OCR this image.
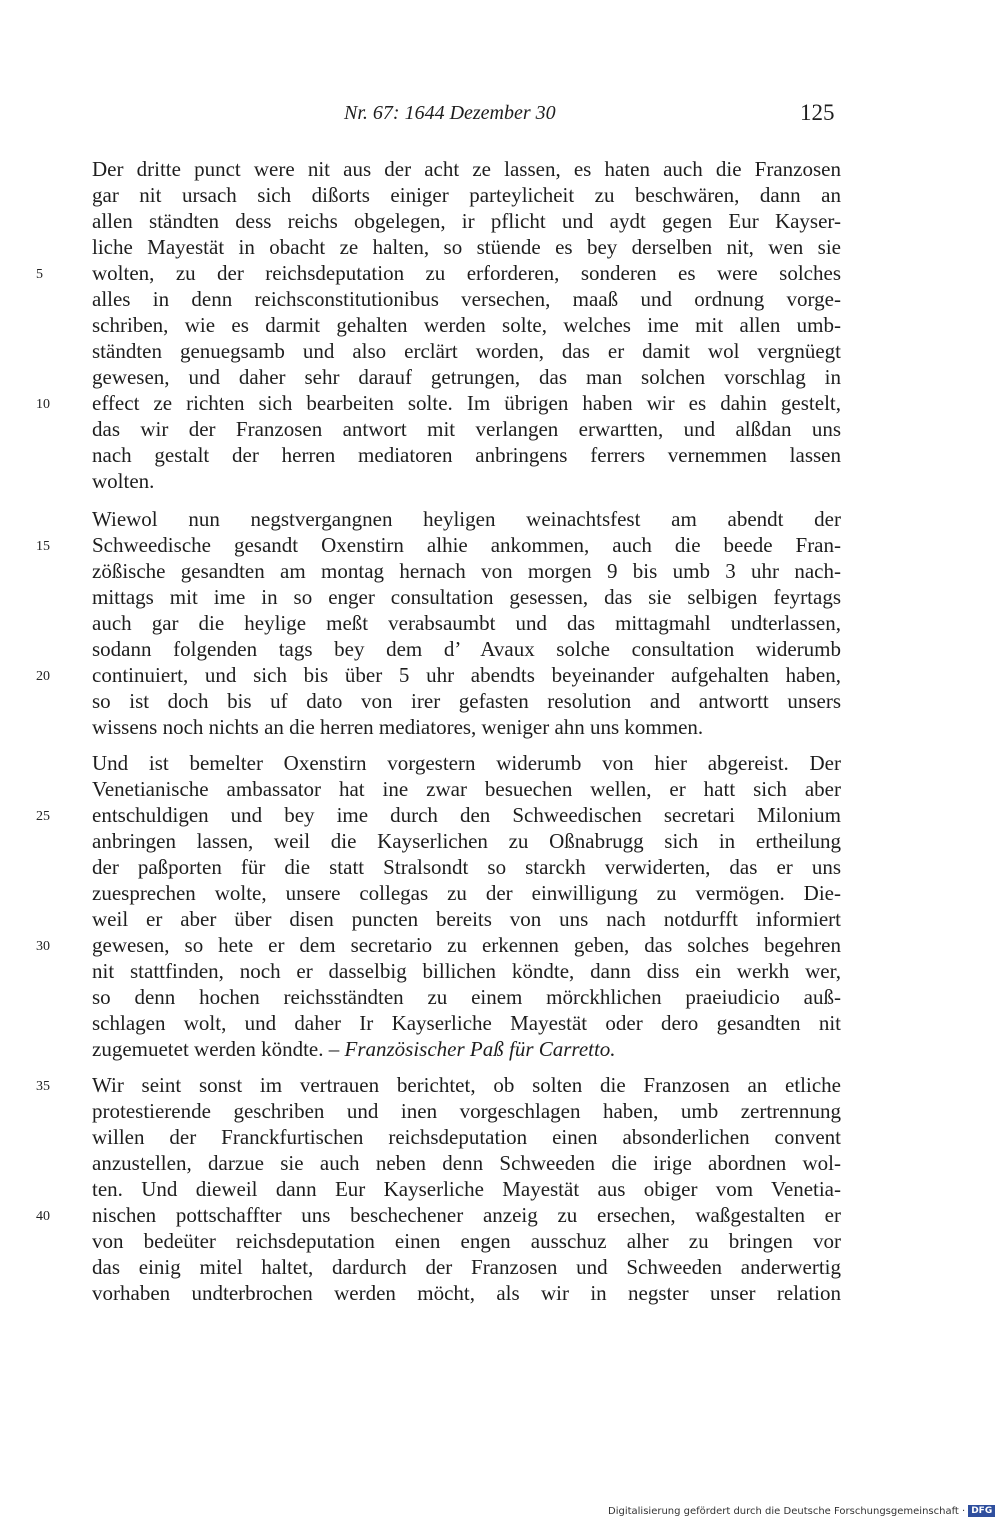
Nr. 67: 1644 Dezember 30	125
Der dritte punct were nit aus der acht ze lassen, es haten auch die Franzosen
gar nit ursach sich dißorts einiger parteylicheit zu beschwären, dann an
allen ständten dess reichs obgelegen, ir pflicht und aydt gegen Eur Kayser-
liche Mayestät in obacht ze halten, so stüende es bey derselben nit, wen sie
wolten, zu der reichsdeputation zu erforderen, sonderen es were solches
alles in denn reichsconstitutionibus versechen, maaß und ordnung vorge-
schriben, wie es darmit gehalten werden solte, welches ime mit allen umb-
ständten genuegsamb und also erclärt worden, das er damit wol vergnüegt
gewesen, und daher sehr darauf getrungen, das man solchen vorschlag in
effect ze richten sich bearbeiten solte. Im übrigen haben wir es dahin gestelt,
das wir der Franzosen antwort mit verlangen erwartten, und alßdan uns
nach gestalt der herren mediatoren anbringens ferrers vernemmen lassen
wolten.
Wiewol nun negstvergangnen heyligen weinachtsfest am abendt der
Schweedische gesandt Oxenstirn alhie ankommen, auch die beede Fran-
zößische gesandten am montag hernach von morgen 9 bis umb 3 uhr nach-
mittags mit ime in so enger consultation gesessen, das sie selbigen feyrtags
auch gar die heylige meßt verabsaumbt und das mittagmahl undterlassen,
sodann folgenden tags bey dem d’ Avaux solche consultation widerumb
continuiert, und sich bis über 5 uhr abendts beyeinander aufgehalten haben,
so ist doch bis uf dato von irer gefasten resolution and antwortt unsers
wissens noch nichts an die herren mediatores, weniger ahn uns kommen.
Und ist bemelter Oxenstirn vorgestern widerumb von hier abgereist. Der
Venetianische ambassator hat ine zwar besuechen wellen, er hatt sich aber
entschuldigen und bey ime durch den Schweedischen secretari Milonium
anbringen lassen, weil die Kayserlichen zu Oßnabrugg sich in ertheilung
der paßporten für die statt Stralsondt so starckh verwiderten, das er uns
zuesprechen wolte, unsere collegas zu der einwilligung zu vermögen. Die-
weil er aber über disen puncten bereits von uns nach notdurfft informiert
gewesen, so hete er dem secretario zu erkennen geben, das solches begehren
nit stattfinden, noch er dasselbig billichen köndte, dann diss ein werkh wer,
so denn hochen reichsständten zu einem mörckhlichen praeiudicio auß-
schlagen wolt, und daher Ir Kayserliche Mayestät oder dero gesandten nit
zugemuetet werden köndte. – Französischer Paß für Carretto.
Wir seint sonst im vertrauen berichtet, ob solten die Franzosen an etliche
protestierende geschriben und inen vorgeschlagen haben, umb zertrennung
willen der Franckfurtischen reichsdeputation einen absonderlichen convent
anzustellen, darzue sie auch neben denn Schweeden die irige abordnen wol-
ten. Und dieweil dann Eur Kayserliche Mayestät aus obiger vom Venetia-
nischen pottschaffter uns beschechener anzeig zu ersechen, waßgestalten er
von bedeüter reichsdeputation einen engen ausschuz alher zu bringen vor
das einig mitel haltet, dardurch der Franzosen und Schweeden anderwertig
vorhaben undterbrochen werden möcht, als wir in negster unser relation
5
10
15
20
25
30
35
40
Digitalisierung gefördert durch die Deutsche Forschungsgemeinschaft · DFG
